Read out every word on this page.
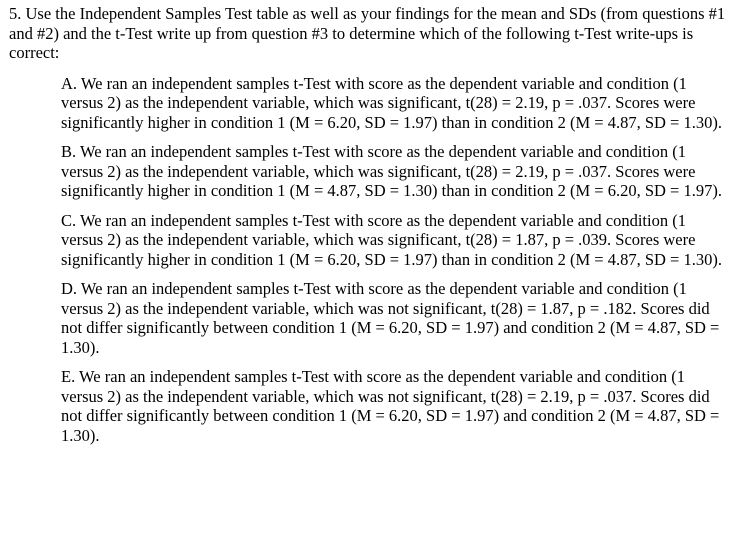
5. Use the Independent Samples Test table as well as your findings for the mean and SDs (from questions #1 and #2) and the t-Test write up from question #3 to determine which of the following t-Test write-ups is correct:
A. We ran an independent samples t-Test with score as the dependent variable and condition (1 versus 2) as the independent variable, which was significant, t(28) = 2.19, p = .037. Scores were significantly higher in condition 1 (M = 6.20, SD = 1.97) than in condition 2 (M = 4.87, SD = 1.30).
B. We ran an independent samples t-Test with score as the dependent variable and condition (1 versus 2) as the independent variable, which was significant, t(28) = 2.19, p = .037. Scores were significantly higher in condition 1 (M = 4.87, SD = 1.30) than in condition 2 (M = 6.20, SD = 1.97).
C. We ran an independent samples t-Test with score as the dependent variable and condition (1 versus 2) as the independent variable, which was significant, t(28) = 1.87, p = .039. Scores were significantly higher in condition 1 (M = 6.20, SD = 1.97) than in condition 2 (M = 4.87, SD = 1.30).
D. We ran an independent samples t-Test with score as the dependent variable and condition (1 versus 2) as the independent variable, which was not significant, t(28) = 1.87, p = .182. Scores did not differ significantly between condition 1 (M = 6.20, SD = 1.97) and condition 2 (M = 4.87, SD = 1.30).
E. We ran an independent samples t-Test with score as the dependent variable and condition (1 versus 2) as the independent variable, which was not significant, t(28) = 2.19, p = .037. Scores did not differ significantly between condition 1 (M = 6.20, SD = 1.97) and condition 2 (M = 4.87, SD = 1.30).
